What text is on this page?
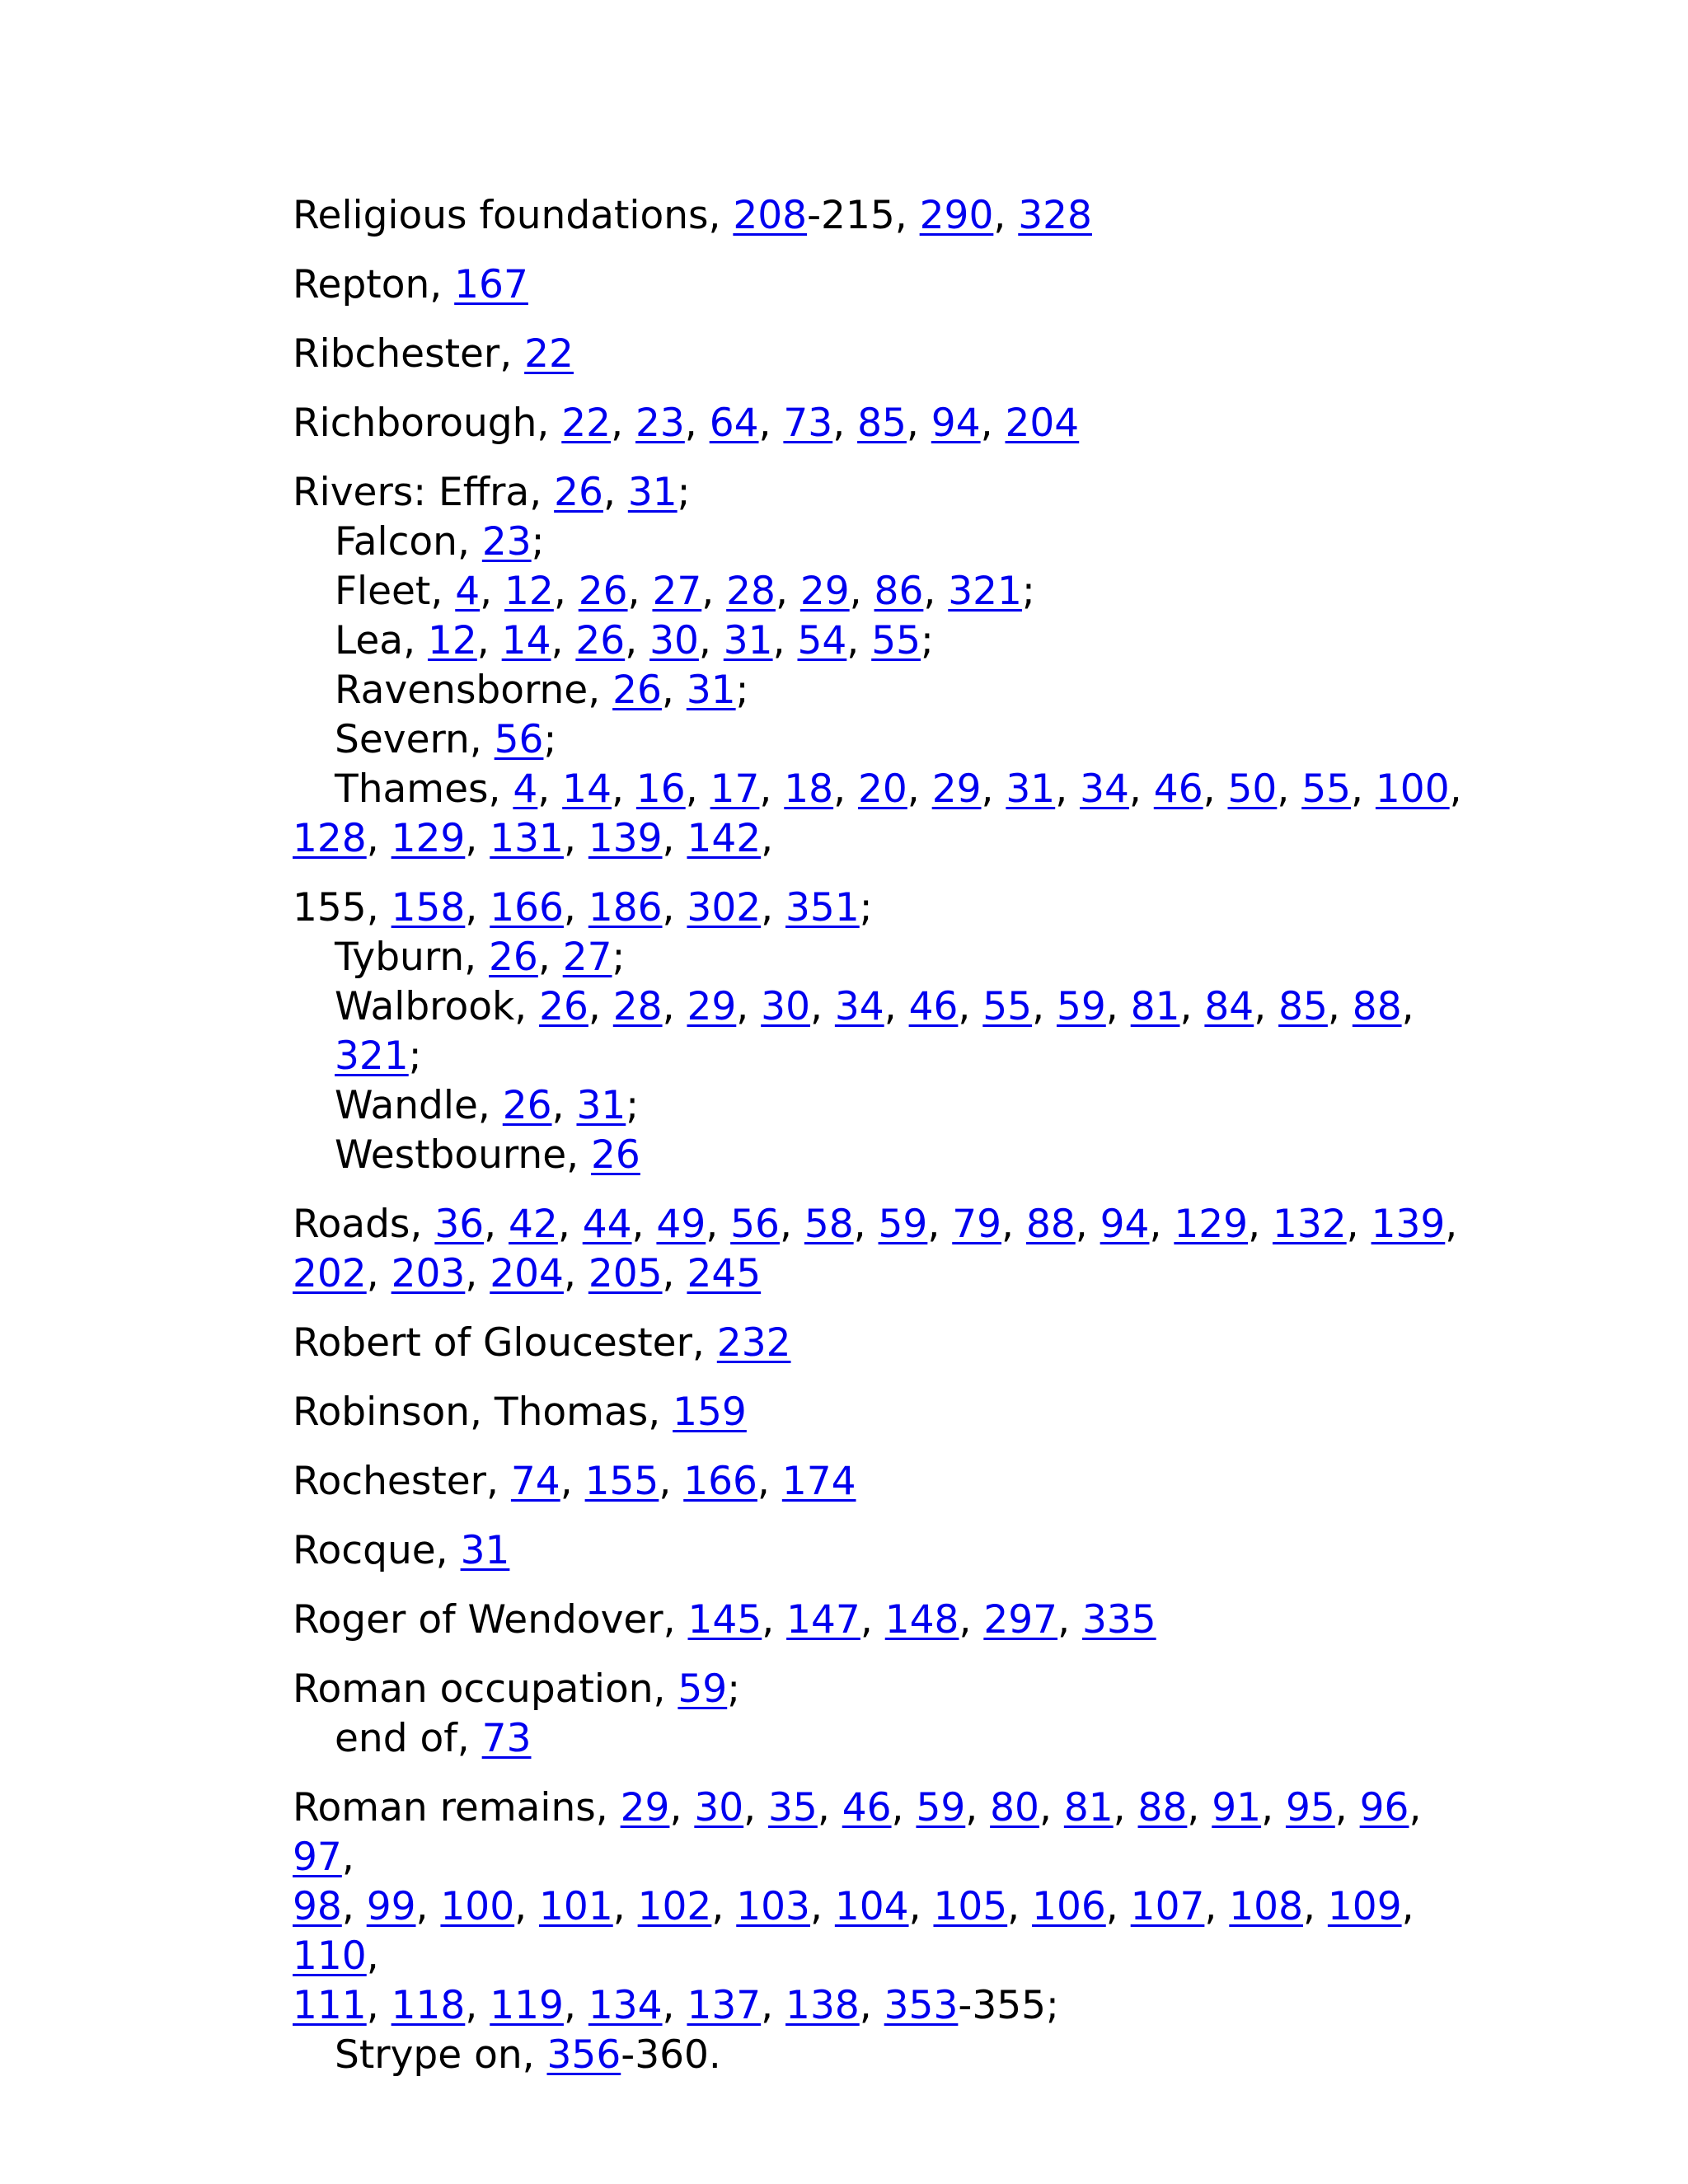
Religious foundations, 208-215, 290, 328

Repton, 167

Ribchester, 22

Richborough, 22, 23, 64, 73, 85, 94, 204

Rivers: Effra, 26, 31;
Falcon, 23;
Fleet, 4, 12, 26, 27, 28, 29, 86, 321;
Lea, 12, 14, 26, 30, 31, 54, 55;
Ravensborne, 26, 31;
Severn, 56;
Thames, 4, 14, 16, 17, 18, 20, 29, 31, 34, 46, 50, 55, 100,
128, 129, 131, 139, 142,

155, 158, 166, 186, 302, 351;
Tyburn, 26, 27;
Walbrook, 26, 28, 29, 30, 34, 46, 55, 59, 81, 84, 85, 88, 321;
Wandle, 26, 31;
Westbourne, 26

Roads, 36, 42, 44, 49, 56, 58, 59, 79, 88, 94, 129, 132, 139,
202, 203, 204, 205, 245

Robert of Gloucester, 232

Robinson, Thomas, 159

Rochester, 74, 155, 166, 174

Rocque, 31

Roger of Wendover, 145, 147, 148, 297, 335

Roman occupation, 59;
end of, 73

Roman remains, 29, 30, 35, 46, 59, 80, 81, 88, 91, 95, 96, 97,
98, 99, 100, 101, 102, 103, 104, 105, 106, 107, 108, 109, 110,
111, 118, 119, 134, 137, 138, 353-355;
Strype on, 356-360.
